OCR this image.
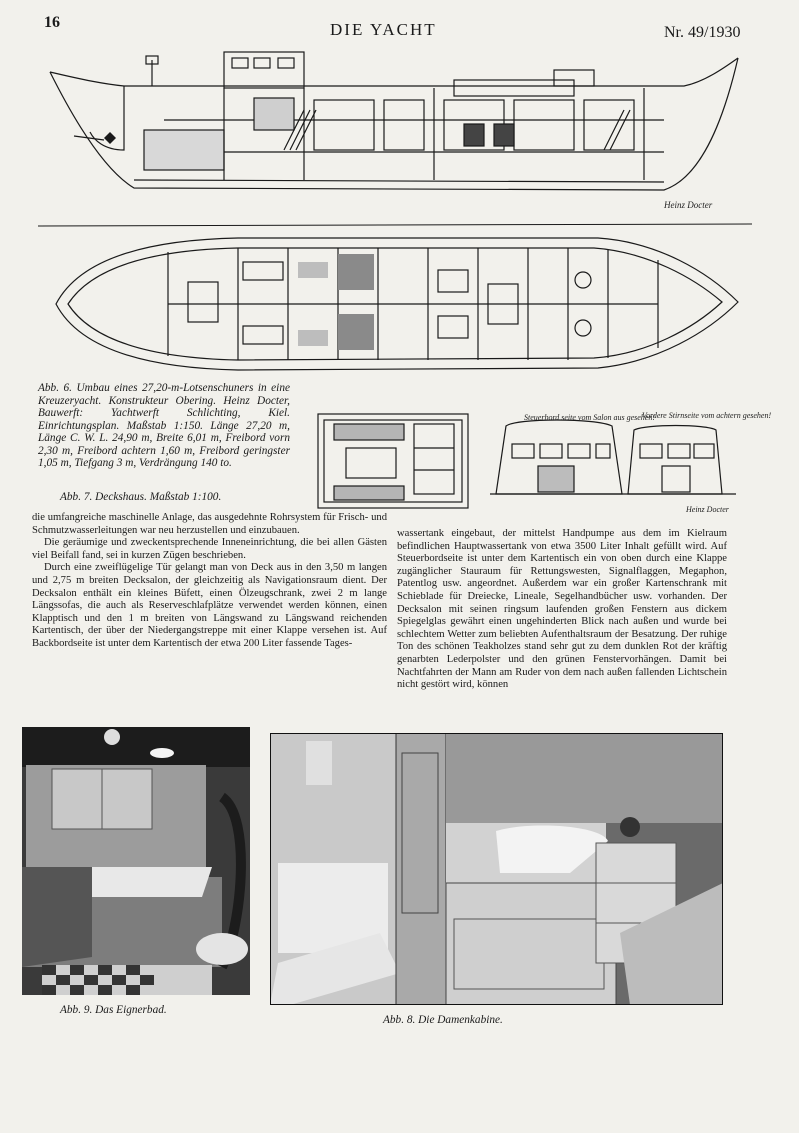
16	DIE YACHT	Nr. 49/1930
Heinz Docter
Abb. 6. Umbau eines 27,20-m-Lotsenschuners in eine Kreuzeryacht. Konstrukteur Obering. Heinz Docter, Bauwerft: Yachtwerft Schlichting, Kiel. Einrichtungsplan. Maßstab 1:150. Länge 27,20 m, Länge C. W. L. 24,90 m, Breite 6,01 m, Freibord vorn 2,30 m, Freibord achtern 1,60 m, Freibord geringster 1,05 m, Tiefgang 3 m, Verdrängung 140 to.
Steuerbord seite vom Salon aus gesehen!
Vordere Stirnseite vom achtern gesehen!
Heinz Docter
Abb. 7. Deckshaus. Maßstab 1:100.

die umfangreiche maschinelle Anlage, das ausgedehnte Rohrsystem für Frisch- und Schmutzwasserleitungen war neu herzustellen und einzubauen.

Die geräumige und zweckentsprechende Inneneinrichtung, die bei allen Gästen viel Beifall fand, sei in kurzen Zügen beschrieben.

Durch eine zweiflügelige Tür gelangt man von Deck aus in den 3,50 m langen und 2,75 m breiten Decksalon, der gleichzeitig als Navigationsraum dient. Der Decksalon enthält ein kleines Büfett, einen Ölzeugschrank, zwei 2 m lange Längssofas, die auch als Reserveschlafplätze verwendet werden können, einen Klapptisch und den 1 m breiten von Längswand zu Längswand reichenden Kartentisch, der über der Niedergangstreppe mit einer Klappe versehen ist. Auf Backbordseite ist unter dem Kartentisch der etwa 200 Liter fassende Tages-

wassertank eingebaut, der mittelst Handpumpe aus dem im Kielraum befindlichen Hauptwassertank von etwa 3500 Liter Inhalt gefüllt wird. Auf Steuerbordseite ist unter dem Kartentisch ein von oben durch eine Klappe zugänglicher Stauraum für Rettungswesten, Signalflaggen, Megaphon, Patentlog usw. angeordnet. Außerdem war ein großer Kartenschrank mit Schieblade für Dreiecke, Lineale, Segelhandbücher usw. vorhanden. Der Decksalon mit seinen ringsum laufenden großen Fenstern aus dickem Spiegelglas gewährt einen ungehinderten Blick nach außen und wurde bei schlechtem Wetter zum beliebten Aufenthaltsraum der Besatzung. Der ruhige Ton des schönen Teakholzes stand sehr gut zu dem dunklen Rot der kräftig genarbten Lederpolster und den grünen Fenstervorhängen. Damit bei Nachtfahrten der Mann am Ruder von dem nach außen fallenden Lichtschein nicht gestört wird, können

Abb. 9. Das Eignerbad.
Abb. 8. Die Damenkabine.
